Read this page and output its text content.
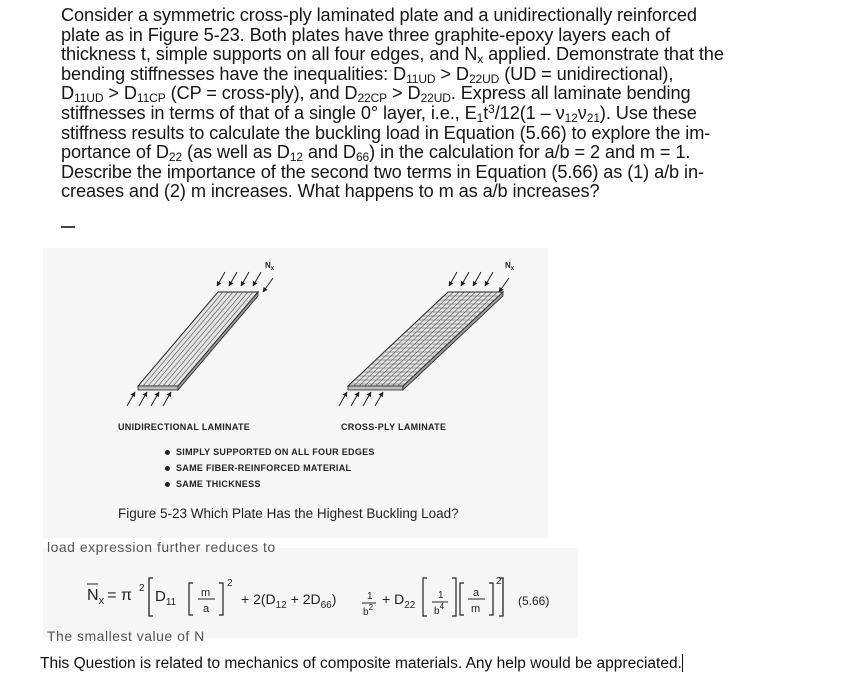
Consider a symmetric cross-ply laminated plate and a unidirectionally reinforced

plate as in Figure 5-23. Both plates have three graphite-epoxy layers each of

thickness t, simple supports on all four edges, and $N_x$ applied. Demonstrate that the

bending stiffnesses have the inequalities: $D_{11UD} > D_{22UD}$ (UD = unidirectional),

$D_{11UD} > D_{11CP}$ (CP = cross-ply), and $D_{22CP} > D_{22UD}$. Express all laminate bending

stiffnesses in terms of that of a single 0° layer, i.e., $E_1t^3/12(1 - \nu_{12}\nu_{21})$. Use these

stiffness results to calculate the buckling load in Equation (5.66) to explore the im-

portance of $D_{22}$ (as well as $D_{12}$ and $D_{66}$) in the calculation for a/b = 2 and m = 1.

Describe the importance of the second two terms in Equation (5.66) as (1) a/b in-

creases and (2) m increases. What happens to m as a/b increases?

$N_x$	$N_x$
UNIDIRECTIONAL LAMINATE	CROSS-PLY LAMINATE
SIMPLY SUPPORTED ON ALL FOUR EDGES
SAME FIBER-REINFORCED MATERIAL
SAME THICKNESS
Figure 5-23 Which Plate Has the Highest Buckling Load?
load expression further reduces to
$N_x = \pi$ 2 $D_{11}$
m
a
2
+ $2(D_{12} + 2D_{66})$	1
$b^2$
+ $D_{22}$
1
$b^4$
a
m
2
(5.66)
The smallest value of N
This Question is related to mechanics of composite materials. Any help would be appreciated.
